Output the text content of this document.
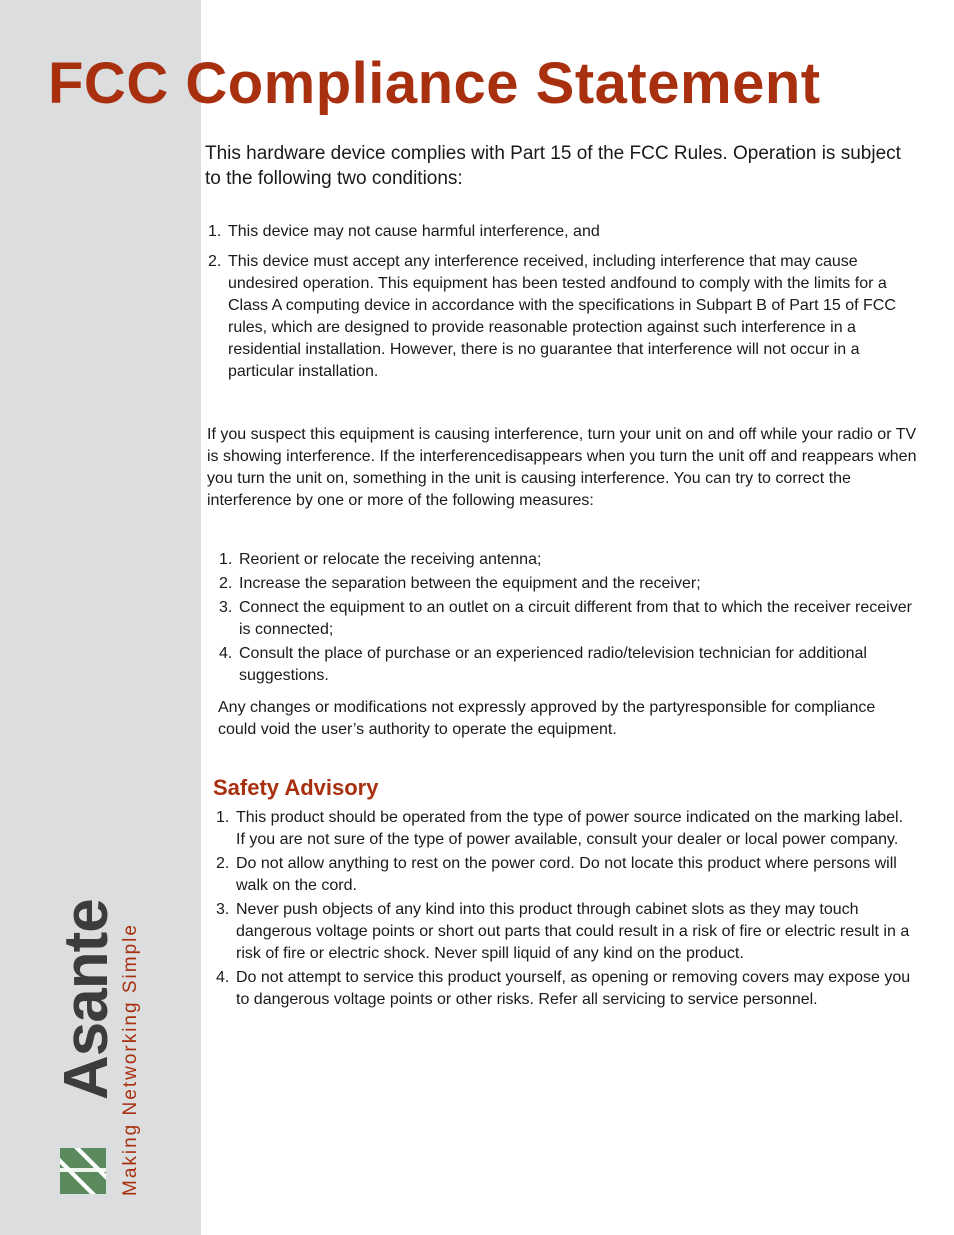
Asante Making Networking Simple

FCC Compliance Statement

This hardware device complies with Part 15 of the FCC Rules. Operation is subject to the following two conditions:

1. This device may not cause harmful interference, and
2. This device must accept any interference received, including interference that may cause undesired operation. This equipment has been tested andfound to comply with the limits for a Class A computing device in accordance with the specifications in Subpart B of Part 15 of FCC rules, which are designed to provide reasonable protection against such interference in a residential installation. However, there is no guarantee that interference will not occur in a particular installation.

If you suspect this equipment is causing interference, turn your unit on and off while your radio or TV is showing interference. If the interferencedisappears when you turn the unit off and reappears when you turn the unit on, something in the unit is causing interference. You can try to correct the interference by one or more of the following measures:

1. Reorient or relocate the receiving antenna;
2. Increase the separation between the equipment and the receiver;
3. Connect the equipment to an outlet on a circuit different from that to which the receiver receiver is connected;
4. Consult the place of purchase or an experienced radio/television technician for additional suggestions.

Any changes or modifications not expressly approved by the partyresponsible for compliance could void the user’s authority to operate the equipment.

Safety Advisory
1. This product should be operated from the type of power source indicated on the marking label. If you are not sure of the type of power available, consult your dealer or local power company.
2. Do not allow anything to rest on the power cord. Do not locate this product where persons will walk on the cord.
3. Never push objects of any kind into this product through cabinet slots as they may touch dangerous voltage points or short out parts that could result in a risk of fire or electric result in a risk of fire or electric shock. Never spill liquid of any kind on the product.
4. Do not attempt to service this product yourself, as opening or removing covers may expose you to dangerous voltage points or other risks. Refer all servicing to service personnel.
